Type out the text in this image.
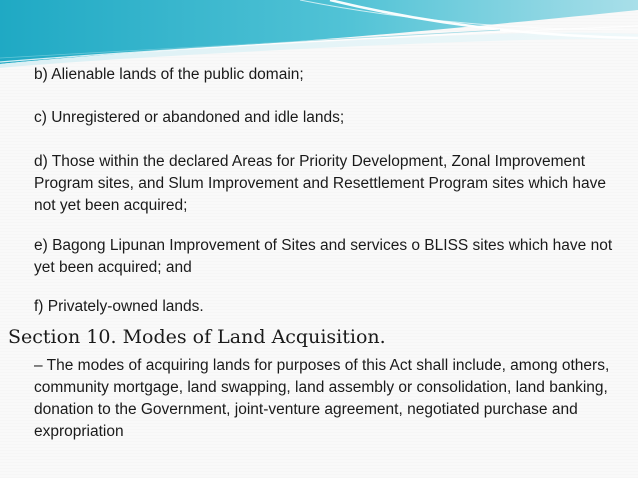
b) Alienable lands of the public domain;

c) Unregistered or abandoned and idle lands;

d) Those within the declared Areas for Priority Development, Zonal Improvement Program sites, and Slum Improvement and Resettlement Program sites which have not yet been acquired;

e) Bagong Lipunan Improvement of Sites and services o BLISS sites which have not yet been acquired; and

f) Privately-owned lands.

Section 10. Modes of Land Acquisition.

– The modes of acquiring lands for purposes of this Act shall include, among others, community mortgage, land swapping, land assembly or consolidation, land banking, donation to the Government, joint-venture agreement, negotiated purchase and expropriation
